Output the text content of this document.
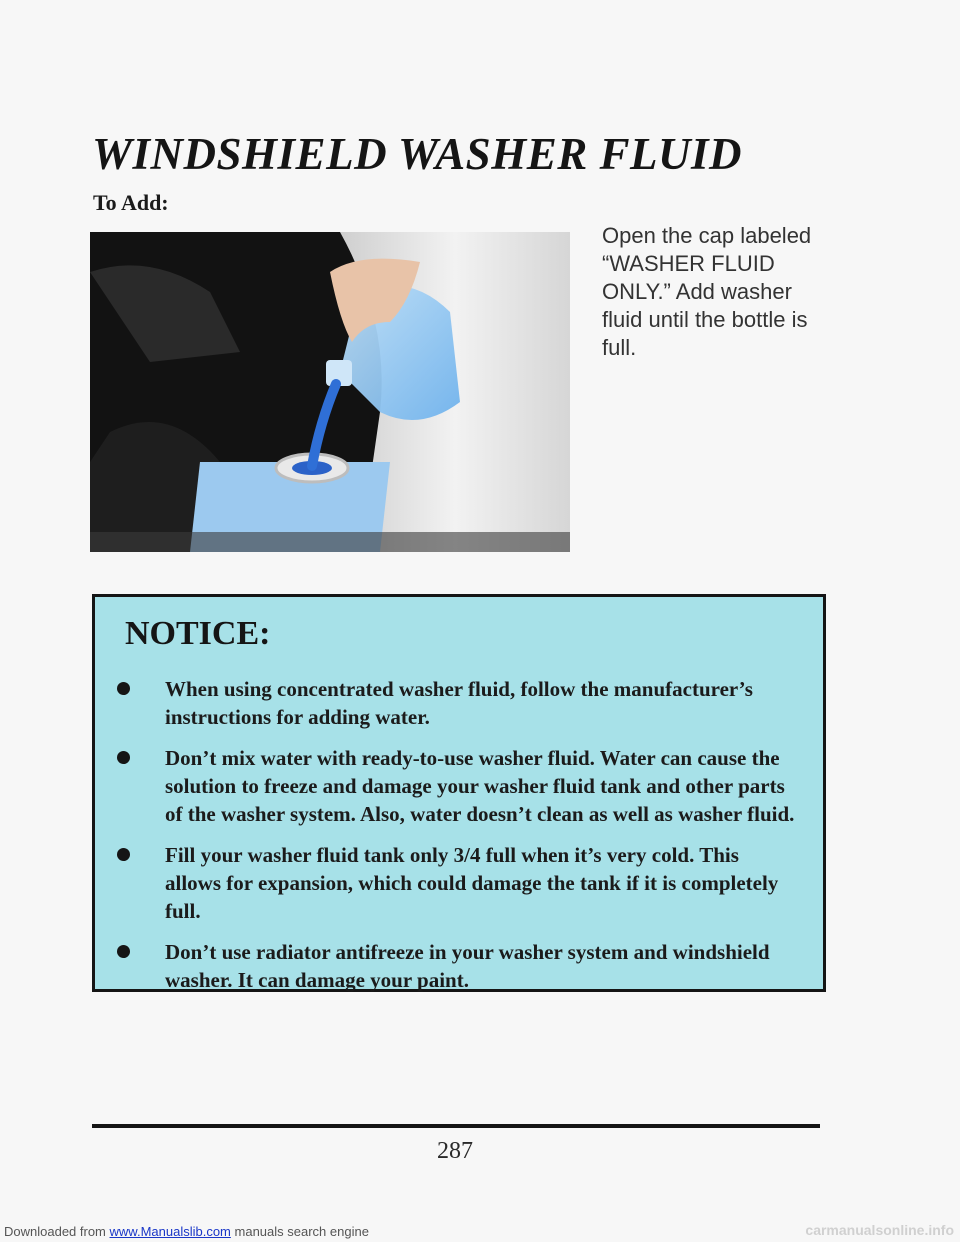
WINDSHIELD WASHER FLUID
To Add:

Open the cap labeled “WASHER FLUID ONLY.” Add washer fluid until the bottle is full.

NOTICE:
When using concentrated washer fluid, follow the manufacturer’s instructions for adding water.
Don’t mix water with ready-to-use washer fluid. Water can cause the solution to freeze and damage your washer fluid tank and other parts of the washer system. Also, water doesn’t clean as well as washer fluid.
Fill your washer fluid tank only 3/4 full when it’s very cold. This allows for expansion, which could damage the tank if it is completely full.
Don’t use radiator antifreeze in your washer system and windshield washer. It can damage your paint.
287

Downloaded from www.Manualslib.com manuals search engine	carmanualsonline.info
